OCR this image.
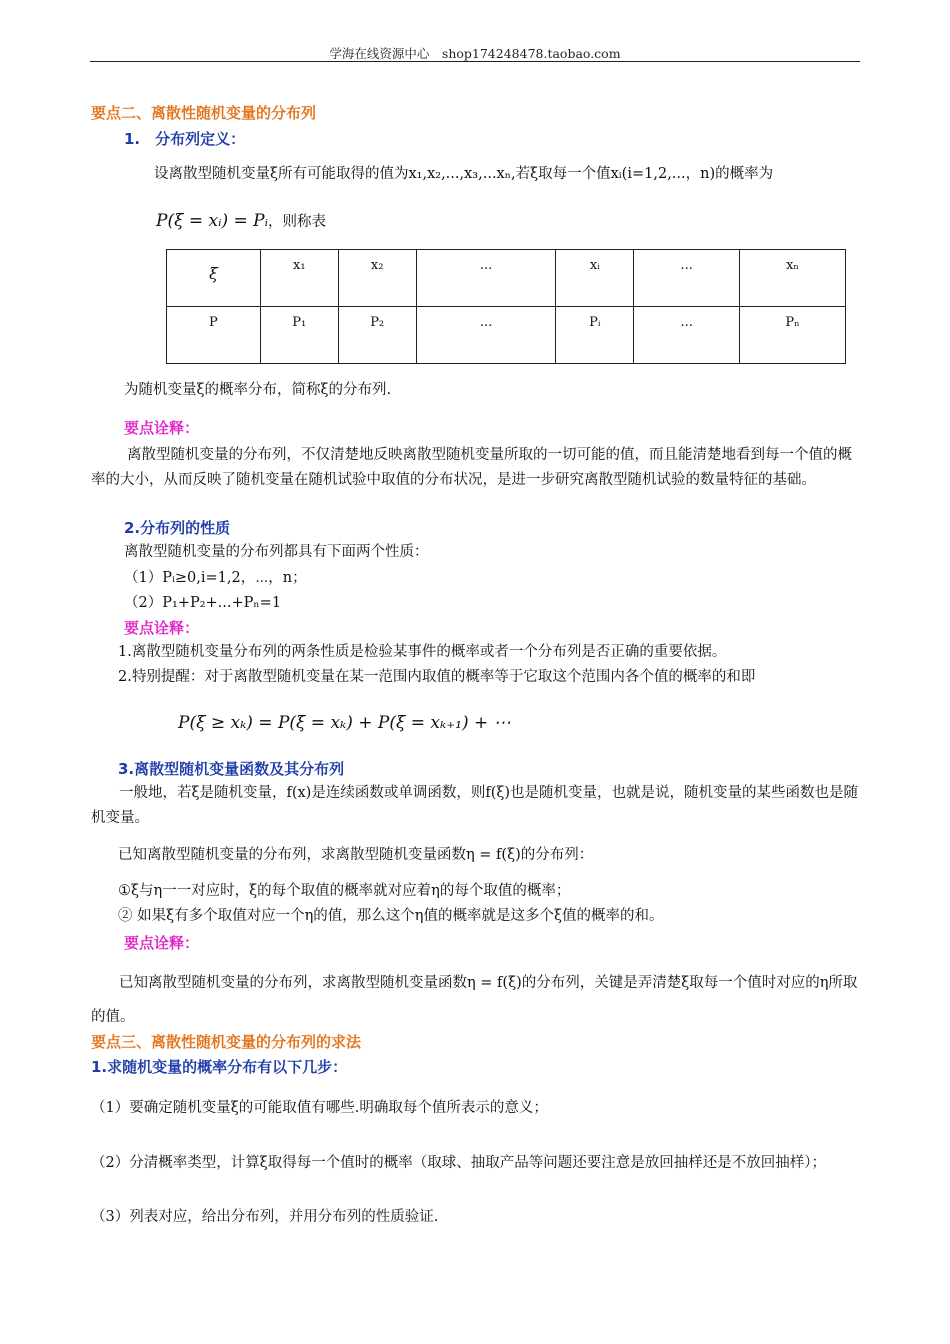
学海在线资源中心　shop174248478.taobao.com
要点二、离散性随机变量的分布列
1.　分布列定义：
设离散型随机变量ξ所有可能取得的值为x₁,x₂,...,x₃,...xₙ,若ξ取每一个值xᵢ(i=1,2,...，n)的概率为
P(ξ = xᵢ) = Pᵢ，则称表
ξ	x₁	x₂	...	xᵢ	...	xₙ
P	P₁	P₂	...	Pᵢ	...	Pₙ
为随机变量ξ的概率分布，简称ξ的分布列.
要点诠释：
离散型随机变量的分布列，不仅清楚地反映离散型随机变量所取的一切可能的值，而且能清楚地看到每一个值的概率的大小，从而反映了随机变量在随机试验中取值的分布状况，是进一步研究离散型随机试验的数量特征的基础。
2.分布列的性质
离散型随机变量的分布列都具有下面两个性质：
（1）Pᵢ≥0,i=1,2，⋯，n；
（2）P₁+P₂+...+Pₙ=1
要点诠释：
1.离散型随机变量分布列的两条性质是检验某事件的概率或者一个分布列是否正确的重要依据。
2.特别提醒：对于离散型随机变量在某一范围内取值的概率等于它取这个范围内各个值的概率的和即
P(ξ ≥ xₖ) = P(ξ = xₖ) + P(ξ = xₖ₊₁) + ⋯
3.离散型随机变量函数及其分布列
一般地，若ξ是随机变量，f(x)是连续函数或单调函数，则f(ξ)也是随机变量，也就是说，随机变量的某些函数也是随机变量。
已知离散型随机变量的分布列，求离散型随机变量函数η = f(ξ)的分布列：
①ξ与η一一对应时，ξ的每个取值的概率就对应着η的每个取值的概率；
② 如果ξ有多个取值对应一个η的值，那么这个η值的概率就是这多个ξ值的概率的和。
要点诠释：
已知离散型随机变量的分布列，求离散型随机变量函数η = f(ξ)的分布列，关键是弄清楚ξ取每一个值时对应的η所取的值。
要点三、离散性随机变量的分布列的求法
1.求随机变量的概率分布有以下几步：
（1）要确定随机变量ξ的可能取值有哪些.明确取每个值所表示的意义；
（2）分清概率类型，计算ξ取得每一个值时的概率（取球、抽取产品等问题还要注意是放回抽样还是不放回抽样）；
（3）列表对应，给出分布列，并用分布列的性质验证.
